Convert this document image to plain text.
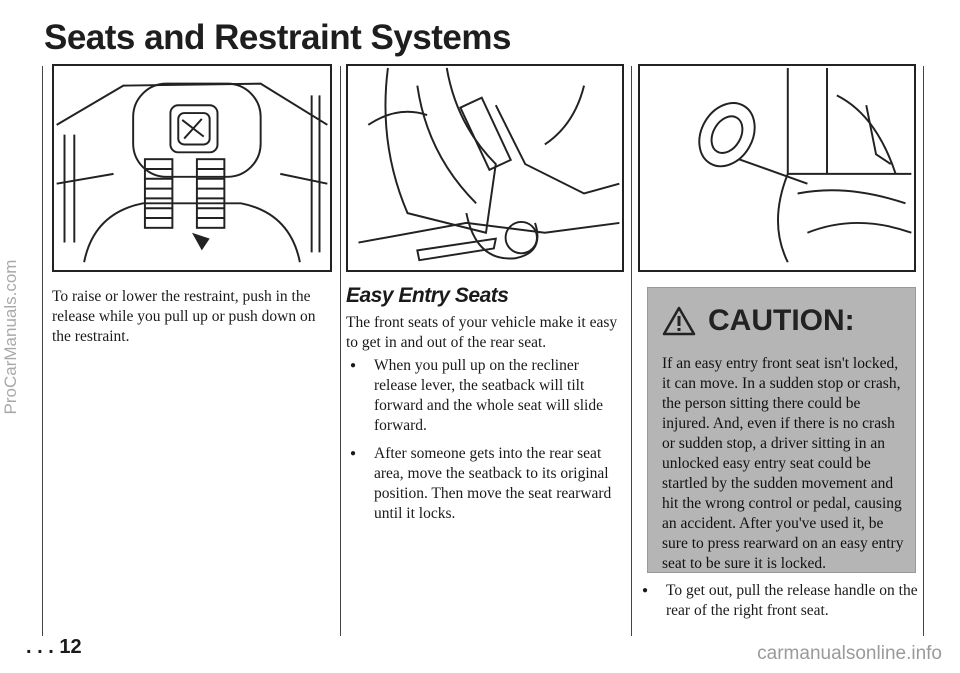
ProCarManuals.com
Seats and Restraint Systems

To raise or lower the restraint, push in the release while you pull up or push down on the restraint.

Easy Entry Seats

The front seats of your vehicle make it easy to get in and out of the rear seat.

● When you pull up on the recliner release lever, the seatback will tilt forward and the whole seat will slide forward.
● After someone gets into the rear seat area, move the seatback to its original position. Then move the seat rearward until it locks.
CAUTION:

If an easy entry front seat isn't locked, it can move. In a sudden stop or crash, the person sitting there could be injured. And, even if there is no crash or sudden stop, a driver sitting in an unlocked easy entry seat could be startled by the sudden movement and hit the wrong control or pedal, causing an accident. After you've used it, be sure to press rearward on an easy entry seat to be sure it is locked.

● To get out, pull the release handle on the rear of the right front seat.

. . . 12	carmanualsonline.info
